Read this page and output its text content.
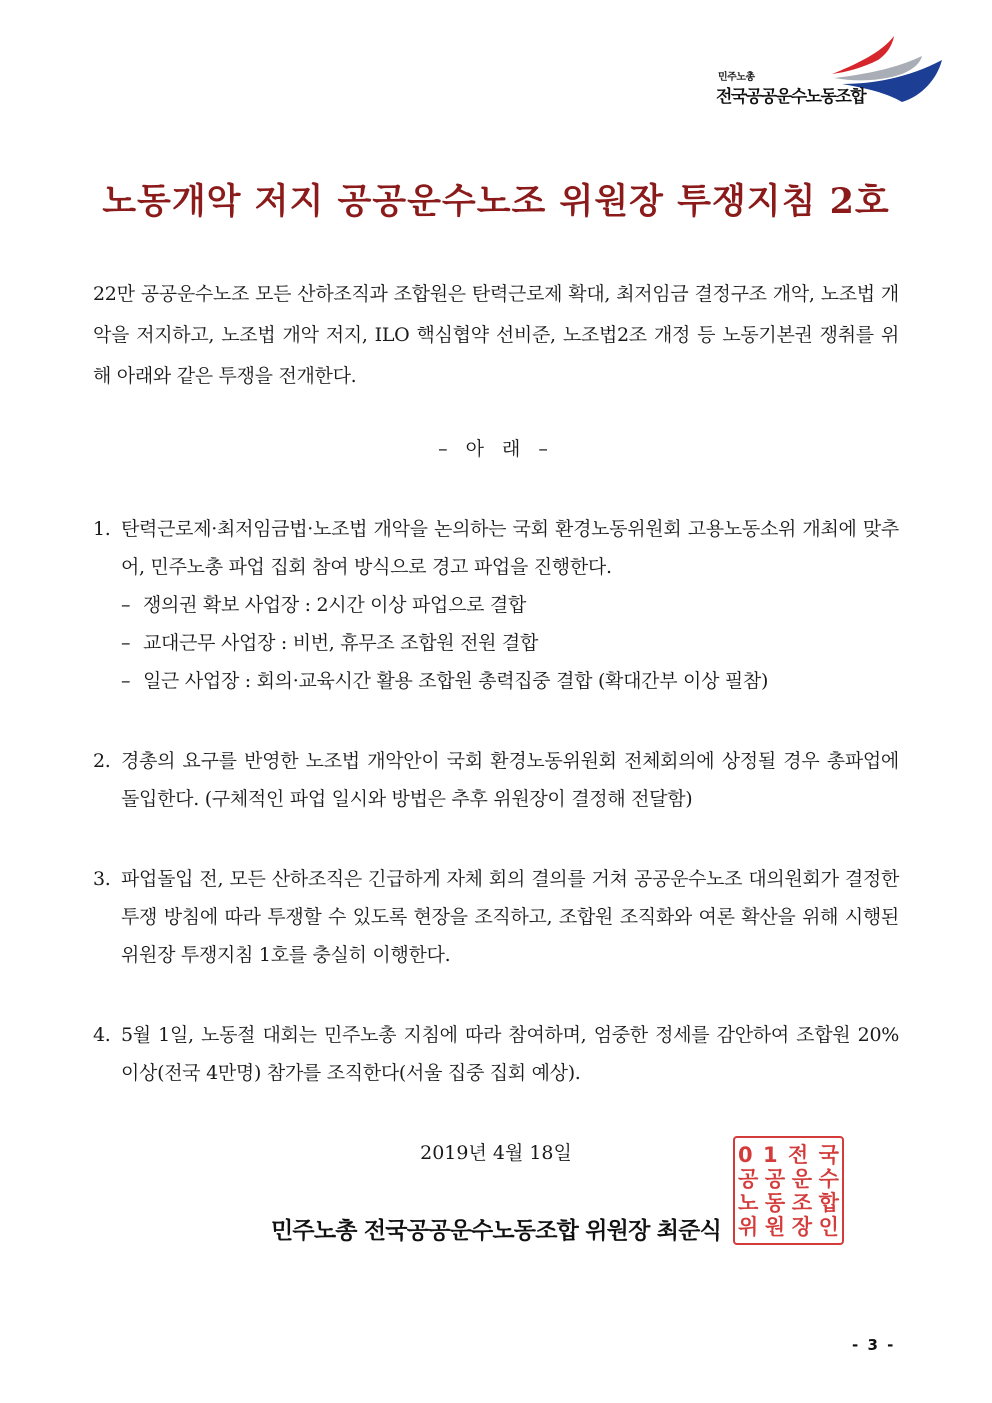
민주노총
전국공공운수노동조합
노동개악 저지 공공운수노조 위원장 투쟁지침 2호
22만 공공운수노조 모든 산하조직과 조합원은 탄력근로제 확대, 최저임금 결정구조 개악, 노조법 개악을 저지하고, 노조법 개악 저지, ILO 핵심협약 선비준, 노조법2조 개정 등 노동기본권 쟁취를 위해 아래와 같은 투쟁을 전개한다.
– 아 래 –
1. 탄력근로제·최저임금법·노조법 개악을 논의하는 국회 환경노동위원회 고용노동소위 개최에 맞추어, 민주노총 파업 집회 참여 방식으로 경고 파업을 진행한다.
– 쟁의권 확보 사업장 : 2시간 이상 파업으로 결합
– 교대근무 사업장 : 비번, 휴무조 조합원 전원 결합
– 일근 사업장 : 회의·교육시간 활용 조합원 총력집중 결합 (확대간부 이상 필참)
2. 경총의 요구를 반영한 노조법 개악안이 국회 환경노동위원회 전체회의에 상정될 경우 총파업에 돌입한다. (구체적인 파업 일시와 방법은 추후 위원장이 결정해 전달함)
3. 파업돌입 전, 모든 산하조직은 긴급하게 자체 회의 결의를 거쳐 공공운수노조 대의원회가 결정한 투쟁 방침에 따라 투쟁할 수 있도록 현장을 조직하고, 조합원 조직화와 여론 확산을 위해 시행된 위원장 투쟁지침 1호를 충실히 이행한다.
4. 5월 1일, 노동절 대회는 민주노총 지침에 따라 참여하며, 엄중한 정세를 감안하여 조합원 20% 이상(전국 4만명) 참가를 조직한다(서울 집중 집회 예상).
2019년 4월 18일
민주노총 전국공공운수노동조합 위원장 최준식
0 1 전 국
공 공 운 수
노 동 조 합
위 원 장 인
- 3 -
